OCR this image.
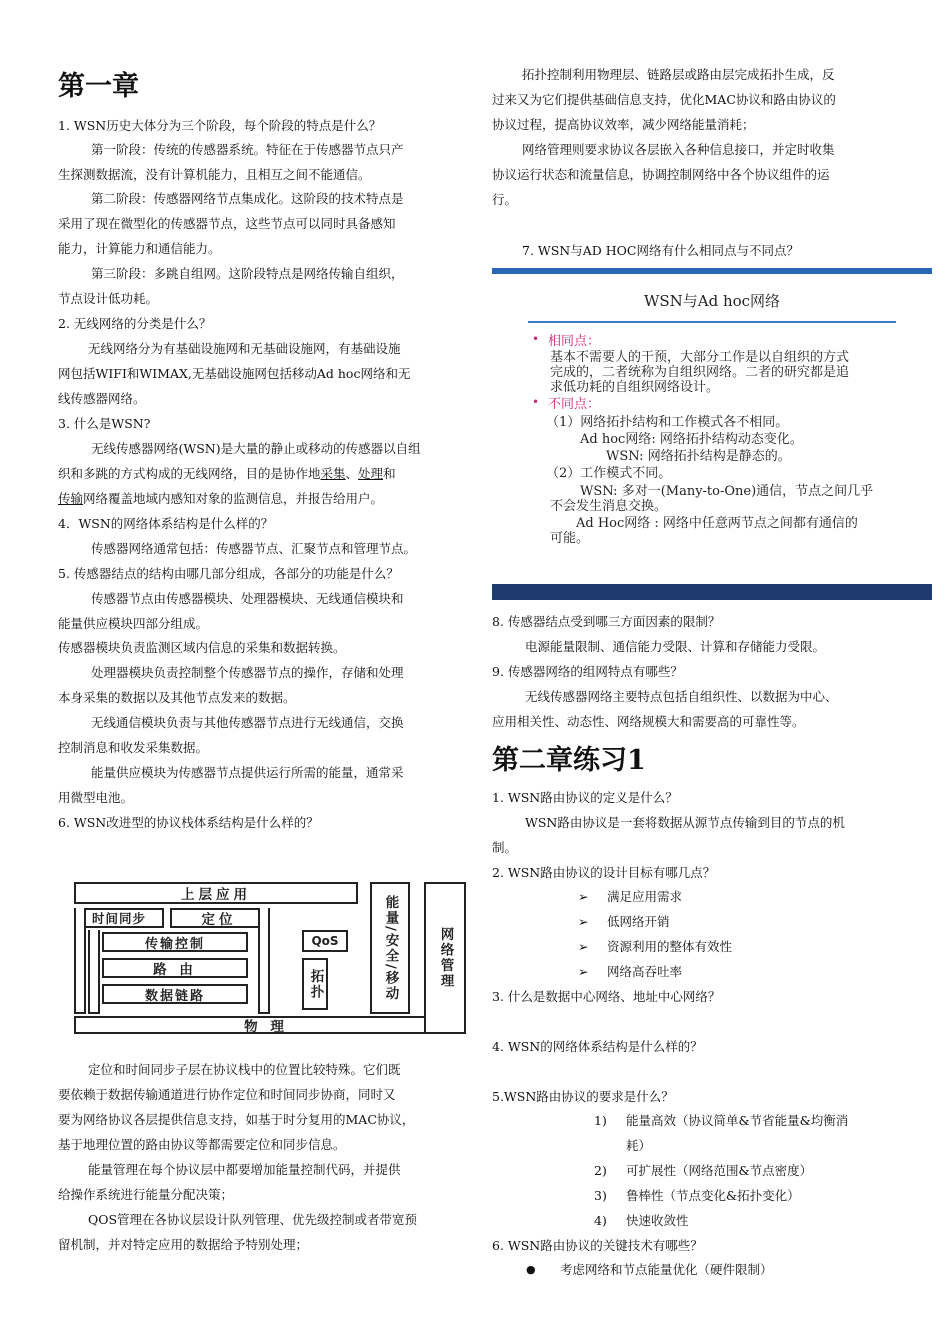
第一章
1. WSN历史大体分为三个阶段，每个阶段的特点是什么？
第一阶段：传统的传感器系统。特征在于传感器节点只产
生探测数据流，没有计算机能力，且相互之间不能通信。
第二阶段：传感器网络节点集成化。这阶段的技术特点是
采用了现在微型化的传感器节点，这些节点可以同时具备感知
能力，计算能力和通信能力。
第三阶段：多跳自组网。这阶段特点是网络传输自组织，
节点设计低功耗。
2. 无线网络的分类是什么？
无线网络分为有基础设施网和无基础设施网，有基础设施
网包括WIFI和WIMAX,无基础设施网包括移动Ad hoc网络和无
线传感器网络。
3. 什么是WSN?
无线传感器网络(WSN)是大量的静止或移动的传感器以自组
织和多跳的方式构成的无线网络，目的是协作地采集、处理和
传输网络覆盖地域内感知对象的监测信息，并报告给用户。
4．WSN的网络体系结构是什么样的？
传感器网络通常包括：传感器节点、汇聚节点和管理节点。
5. 传感器结点的结构由哪几部分组成，各部分的功能是什么？
传感器节点由传感器模块、处理器模块、无线通信模块和
能量供应模块四部分组成。
传感器模块负责监测区域内信息的采集和数据转换。
处理器模块负责控制整个传感器节点的操作，存储和处理
本身采集的数据以及其他节点发来的数据。
无线通信模块负责与其他传感器节点进行无线通信，交换
控制消息和收发采集数据。
能量供应模块为传感器节点提供运行所需的能量，通常采
用微型电池。
6. WSN改进型的协议栈体系结构是什么样的？
定位和时间同步子层在协议栈中的位置比较特殊。它们既
要依赖于数据传输通道进行协作定位和时间同步协商，同时又
要为网络协议各层提供信息支持，如基于时分复用的MAC协议，
基于地理位置的路由协议等都需要定位和同步信息。
能量管理在每个协议层中都要增加能量控制代码，并提供
给操作系统进行能量分配决策；
QOS管理在各协议层设计队列管理、优先级控制或者带宽预
留机制，并对特定应用的数据给予特别处理；
上层应用
时间同步	定位
传输控制
路 由
数据链路
物 理
QoS
拓扑	能量/安全/移动	网络管理
拓扑控制利用物理层、链路层或路由层完成拓扑生成，反
过来又为它们提供基础信息支持，优化MAC协议和路由协议的
协议过程，提高协议效率，减少网络能量消耗；
网络管理则要求协议各层嵌入各种信息接口，并定时收集
协议运行状态和流量信息，协调控制网络中各个协议组件的运
行。
7. WSN与AD HOC网络有什么相同点与不同点？
8. 传感器结点受到哪三方面因素的限制？
电源能量限制、通信能力受限、计算和存储能力受限。
9. 传感器网络的组网特点有哪些？
无线传感器网络主要特点包括自组织性、以数据为中心、
应用相关性、动态性、网络规模大和需要高的可靠性等。
第二章练习1
1. WSN路由协议的定义是什么？
WSN路由协议是一套将数据从源节点传输到目的节点的机
制。
2. WSN路由协议的设计目标有哪几点？
➢ 满足应用需求
➢ 低网络开销
➢ 资源利用的整体有效性
➢ 网络高吞吐率
3. 什么是数据中心网络、地址中心网络？
4. WSN的网络体系结构是什么样的？
5.WSN路由协议的要求是什么？
1) 能量高效（协议简单&节省能量&均衡消
耗）
2) 可扩展性（网络范围&节点密度）
3) 鲁棒性（节点变化&拓扑变化）
4) 快速收敛性
6. WSN路由协议的关键技术有哪些？
● 考虑网络和节点能量优化（硬件限制）
WSN与Ad hoc网络
• 相同点：
基本不需要人的干预，大部分工作是以自组织的方式
完成的，二者统称为自组织网络。二者的研究都是追
求低功耗的自组织网络设计。
• 不同点：
（1）网络拓扑结构和工作模式各不相同。
Ad hoc网络: 网络拓扑结构动态变化。
WSN: 网络拓扑结构是静态的。
（2）工作模式不同。
WSN: 多对一(Many-to-One)通信，节点之间几乎
不会发生消息交换。
Ad Hoc网络 : 网络中任意两节点之间都有通信的
可能。
